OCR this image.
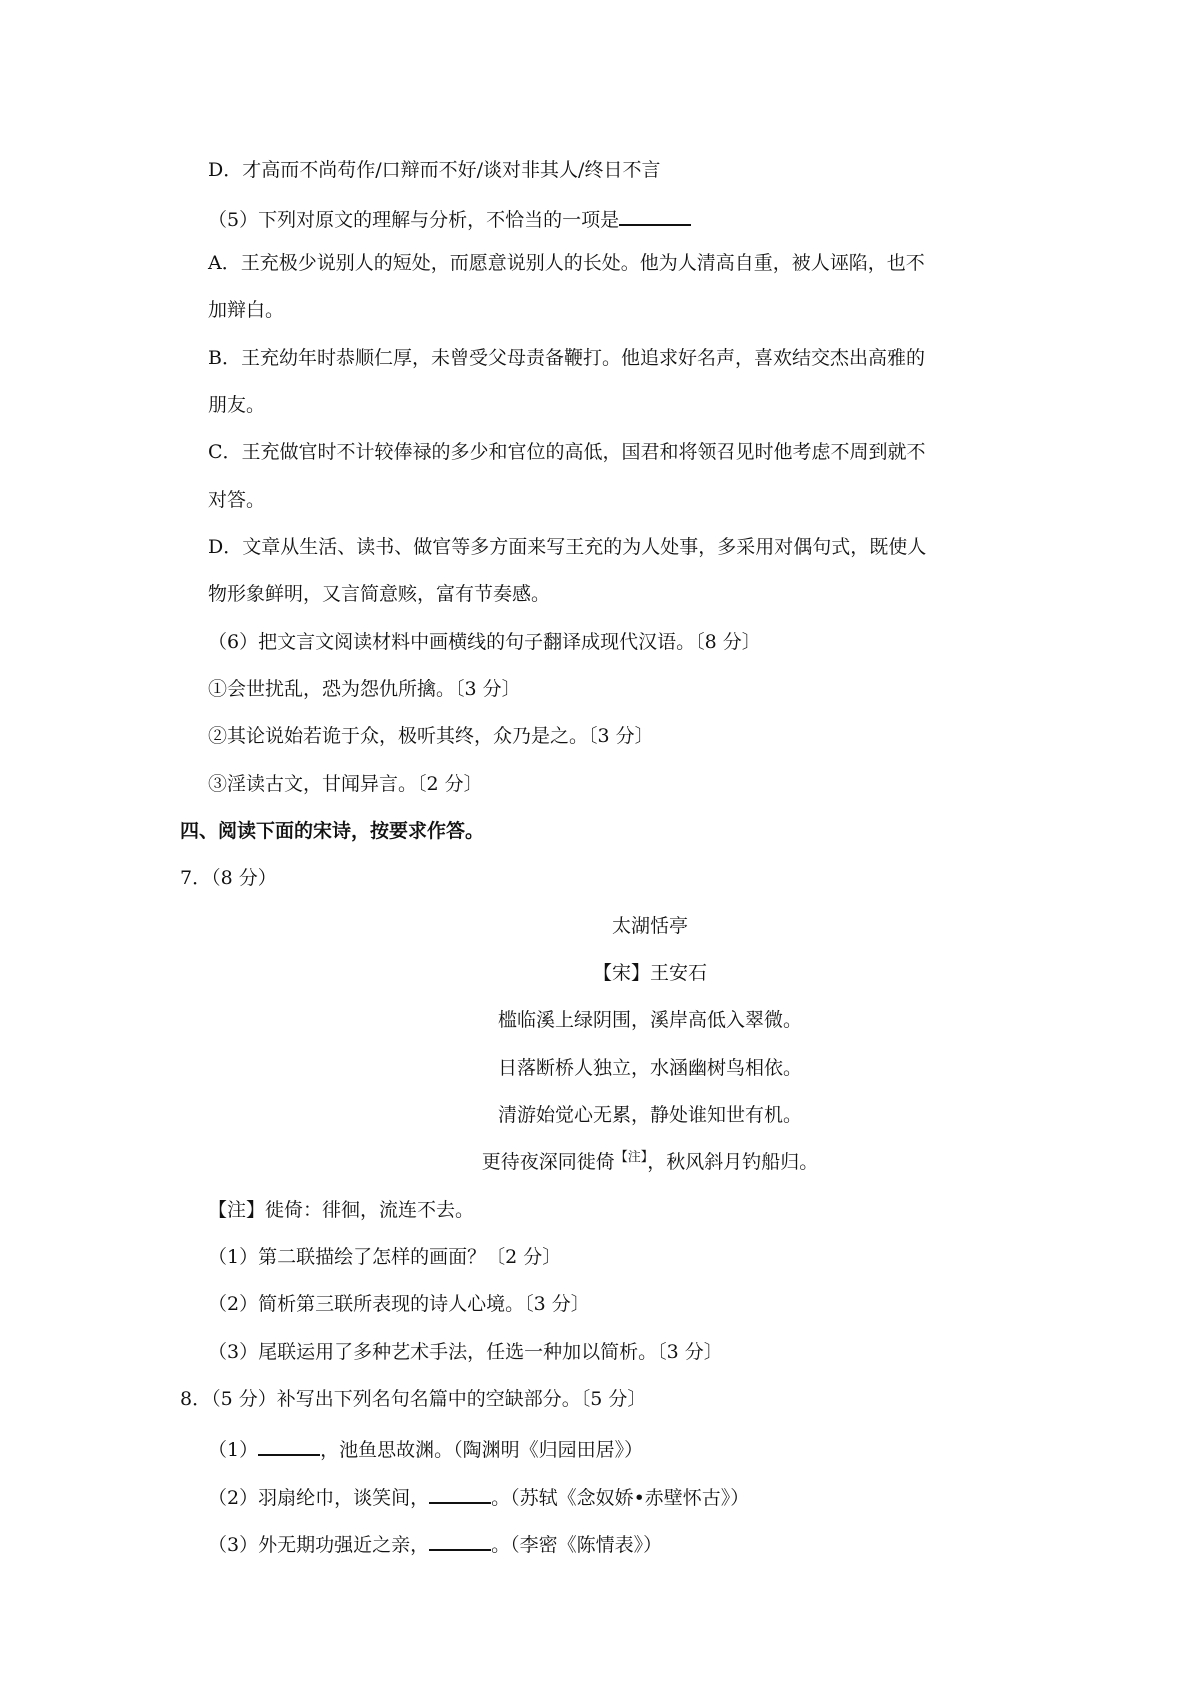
D．才高而不尚苟作/口辩而不好/谈对非其人/终日不言
（5）下列对原文的理解与分析，不恰当的一项是
A．王充极少说别人的短处，而愿意说别人的长处。他为人清高自重，被人诬陷，也不
加辩白。
B．王充幼年时恭顺仁厚，未曾受父母责备鞭打。他追求好名声，喜欢结交杰出高雅的
朋友。
C．王充做官时不计较俸禄的多少和官位的高低，国君和将领召见时他考虑不周到就不
对答。
D．文章从生活、读书、做官等多方面来写王充的为人处事，多采用对偶句式，既使人
物形象鲜明，又言简意赅，富有节奏感。
（6）把文言文阅读材料中画横线的句子翻译成现代汉语。〔8 分〕
①会世扰乱，恐为怨仇所擒。〔3 分〕
②其论说始若诡于众，极听其终，众乃是之。〔3 分〕
③淫读古文，甘闻异言。〔2 分〕
四、阅读下面的宋诗，按要求作答。
7．（8 分）
太湖恬亭
【宋】王安石
槛临溪上绿阴围，溪岸高低入翠微。
日落断桥人独立，水涵幽树鸟相依。
清游始觉心无累，静处谁知世有机。
更待夜深同徙倚$^{【注】}$，秋风斜月钓船归。
【注】徙倚：徘徊，流连不去。
（1）第二联描绘了怎样的画面？〔2 分〕
（2）简析第三联所表现的诗人心境。〔3 分〕
（3）尾联运用了多种艺术手法，任选一种加以简析。〔3 分〕
8．（5 分）补写出下列名句名篇中的空缺部分。〔5 分〕
（1）	，池鱼思故渊。（陶渊明《归园田居》）
（2）羽扇纶巾，谈笑间，	。（苏轼《念奴娇•赤壁怀古》）
（3）外无期功强近之亲，	。（李密《陈情表》）
